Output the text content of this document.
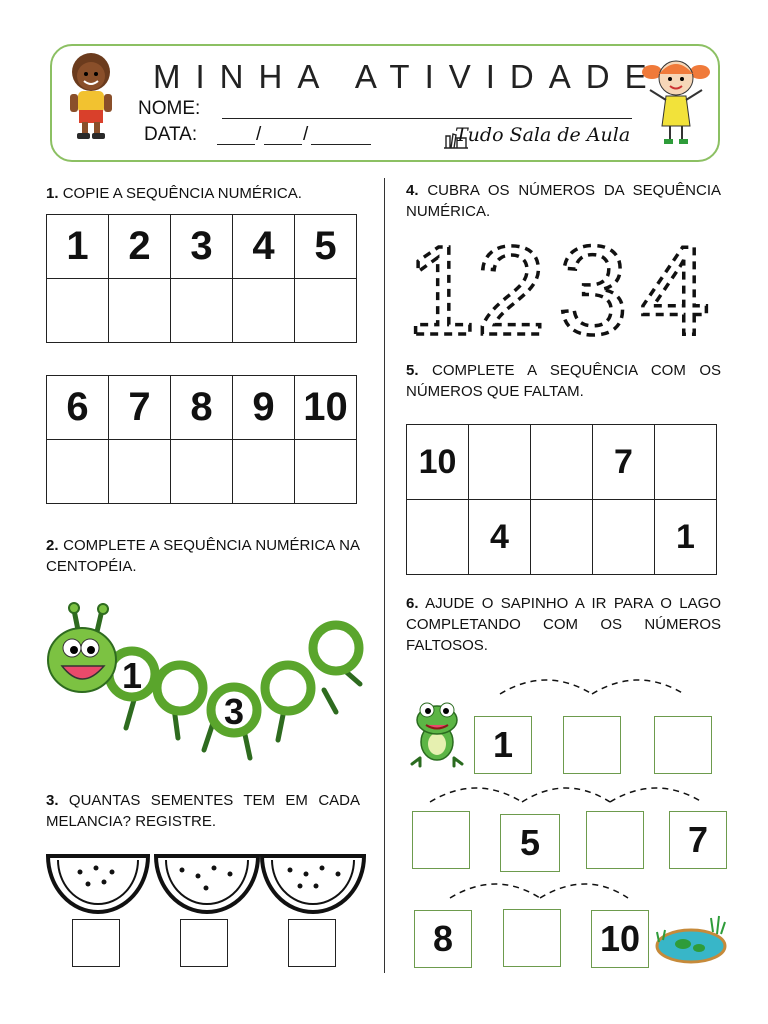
MINHA ATIVIDADE
NOME:
DATA:	/ /	Tudo Sala de Aula
1. COPIE A SEQUÊNCIA NUMÉRICA.
1	2	3	4	5

6	7	8	9	10

2. COMPLETE A SEQUÊNCIA NUMÉRICA NA CENTOPÉIA.
1
3
3. QUANTAS SEMENTES TEM EM CADA MELANCIA? REGISTRE.
4. CUBRA OS NÚMEROS DA SEQUÊNCIA NUMÉRICA.
1 2 3 4
5. COMPLETE A SEQUÊNCIA COM OS NÚMEROS QUE FALTAM.
10			7	
	4			1
6. AJUDE O SAPINHO A IR PARA O LAGO COMPLETANDO COM OS NÚMEROS FALTOSOS.
1
5	7
8	10
